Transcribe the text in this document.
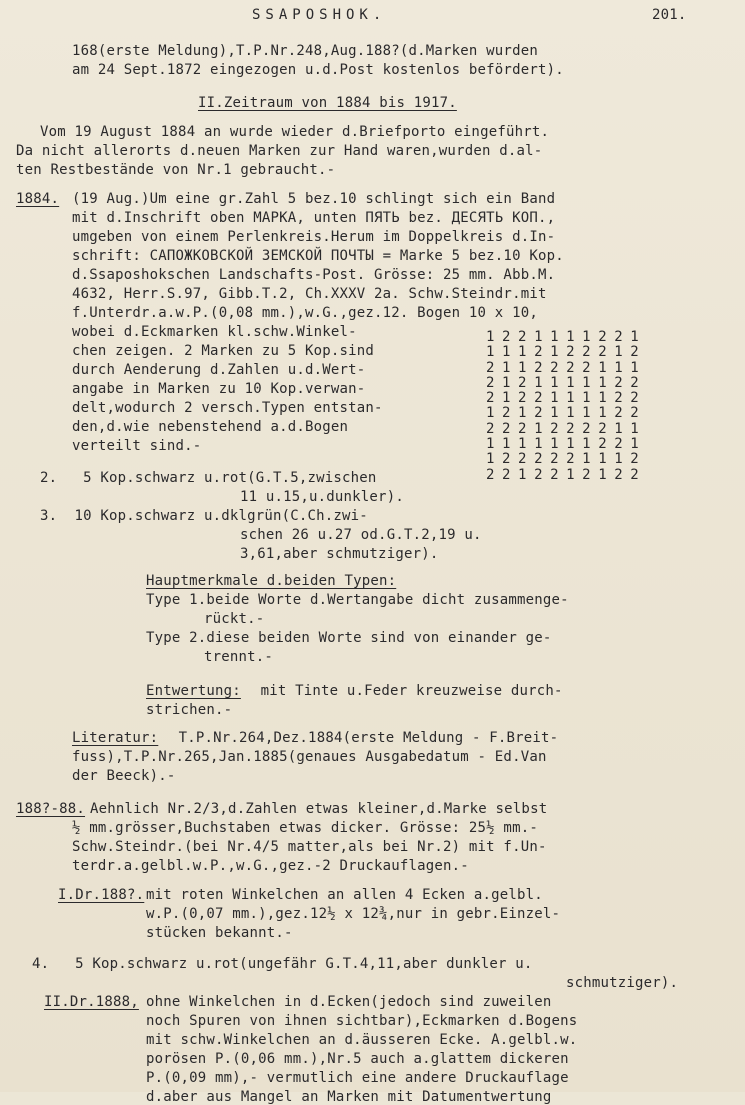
SSAPOSHOK.	201.
168(erste Meldung),T.P.Nr.248,Aug.188?(d.Marken wurden
am 24 Sept.1872 eingezogen u.d.Post kostenlos befördert).
II.Zeitraum von 1884 bis 1917.
Vom 19 August 1884 an wurde wieder d.Briefporto eingeführt.
Da nicht allerorts d.neuen Marken zur Hand waren,wurden d.al-
ten Restbestände von Nr.1 gebraucht.-
1884. (19 Aug.)Um eine gr.Zahl 5 bez.10 schlingt sich ein Band
mit d.Inschrift oben МАРКА, unten ПЯТЬ bez. ДЕСЯТЬ КОП.,
umgeben von einem Perlenkreis.Herum im Doppelkreis d.In-
schrift: САПОЖКОВСКОЙ ЗЕМСКОЙ ПОЧТЫ = Marke 5 bez.10 Kop.
d.Ssaposhokschen Landschafts-Post. Grösse: 25 mm. Abb.M.
4632, Herr.S.97, Gibb.T.2, Ch.XXXV 2a. Schw.Steindr.mit
f.Unterdr.a.w.P.(0,08 mm.),w.G.,gez.12. Bogen 10 x 10,
wobei d.Eckmarken kl.schw.Winkel-
chen zeigen. 2 Marken zu 5 Kop.sind
durch Aenderung d.Zahlen u.d.Wert-
angabe in Marken zu 10 Kop.verwan-
delt,wodurch 2 versch.Typen entstan-
den,d.wie nebenstehend a.d.Bogen
verteilt sind.-
2.   5 Kop.schwarz u.rot(G.T.5,zwischen
11 u.15,u.dunkler).
3.  10 Kop.schwarz u.dklgrün(C.Ch.zwi-
schen 26 u.27 od.G.T.2,19 u.
3,61,aber schmutziger).
1221111221
1112122212
2112222111
2121111122
2122111122
1212111122
2221222211
1111111221
1222221112
2212212122
Hauptmerkmale d.beiden Typen:
Type 1.beide Worte d.Wertangabe dicht zusammenge-
rückt.-
Type 2.diese beiden Worte sind von einander ge-
trennt.-
Entwertung: mit Tinte u.Feder kreuzweise durch-
strichen.-
Literatur: T.P.Nr.264,Dez.1884(erste Meldung - F.Breit-
fuss),T.P.Nr.265,Jan.1885(genaues Ausgabedatum - Ed.Van
der Beeck).-
188?-88. Aehnlich Nr.2/3,d.Zahlen etwas kleiner,d.Marke selbst
½ mm.grösser,Buchstaben etwas dicker. Grösse: 25½ mm.-
Schw.Steindr.(bei Nr.4/5 matter,als bei Nr.2) mit f.Un-
terdr.a.gelbl.w.P.,w.G.,gez.-2 Druckauflagen.-
I.Dr.188?. mit roten Winkelchen an allen 4 Ecken a.gelbl.
w.P.(0,07 mm.),gez.12½ x 12¾,nur in gebr.Einzel-
stücken bekannt.-
4.   5 Kop.schwarz u.rot(ungefähr G.T.4,11,aber dunkler u.
schmutziger).
II.Dr.1888, ohne Winkelchen in d.Ecken(jedoch sind zuweilen
noch Spuren von ihnen sichtbar),Eckmarken d.Bogens
mit schw.Winkelchen an d.äusseren Ecke. A.gelbl.w.
porösen P.(0,06 mm.),Nr.5 auch a.glattem dickeren
P.(0,09 mm),- vermutlich eine andere Druckauflage
d.aber aus Mangel an Marken mit Datumentwertung
